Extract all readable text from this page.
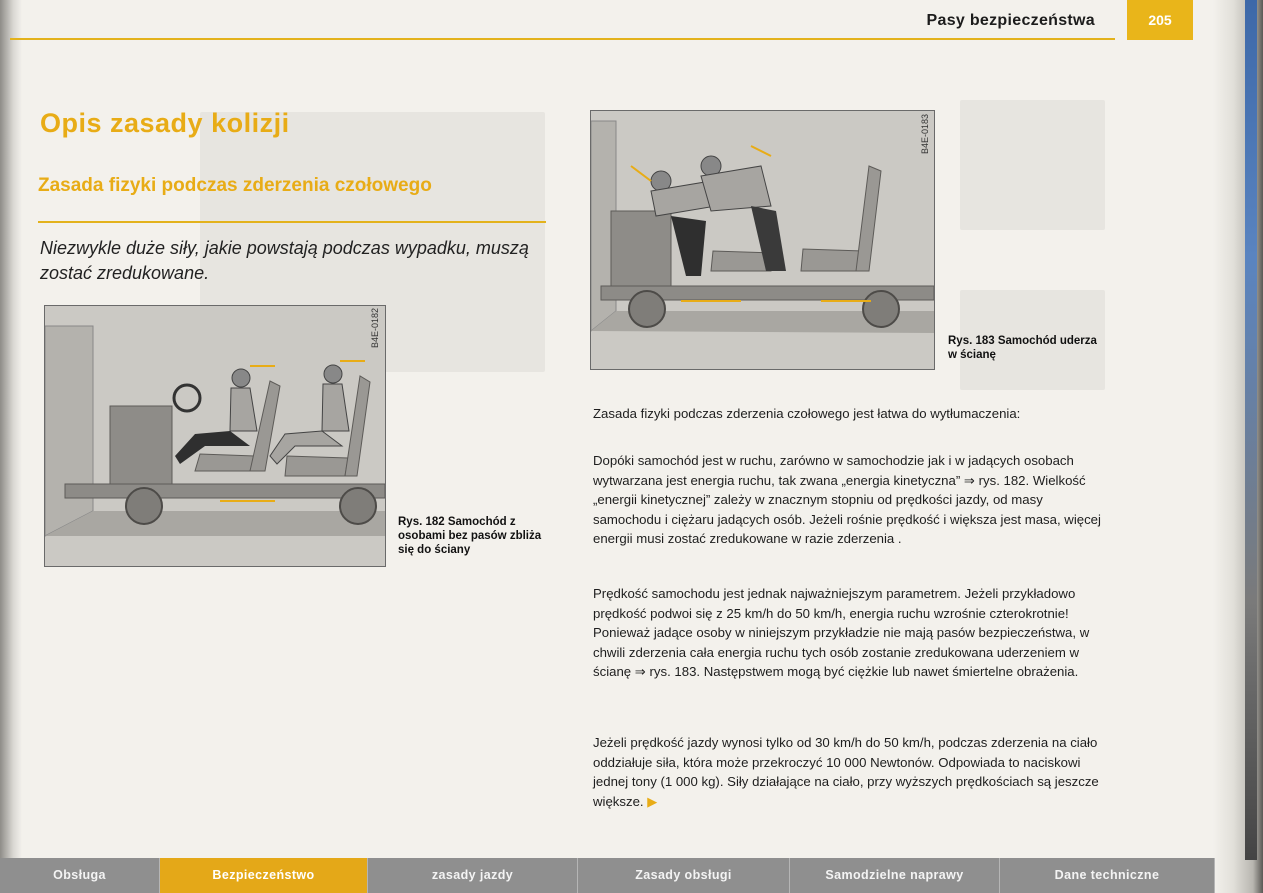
Pasy bezpieczeństwa	205
Opis zasady kolizji
Zasada fizyki podczas zderzenia czołowego
Niezwykle duże siły, jakie powstają podczas wypadku, muszą zostać zredukowane.
B4E-0182
Rys. 182 Samochód z osobami bez pasów zbliża się do ściany
B4E-0183
Rys. 183 Samochód uderza w ścianę
Zasada fizyki podczas zderzenia czołowego jest łatwa do wytłumaczenia:
Dopóki samochód jest w ruchu, zarówno w samochodzie jak i w jadących osobach wytwarzana jest energia ruchu, tak zwana „energia kinetyczna” ⇒ rys. 182. Wielkość „energii kinetycznej” zależy w znacznym stopniu od prędkości jazdy, od masy samochodu i ciężaru jadących osób. Jeżeli rośnie prędkość i większa jest masa, więcej energii musi zostać zredukowane w razie zderzenia .
Prędkość samochodu jest jednak najważniejszym parametrem. Jeżeli przykładowo prędkość podwoi się z 25 km/h do 50 km/h, energia ruchu wzrośnie czterokrotnie! Ponieważ jadące osoby w niniejszym przykładzie nie mają pasów bezpieczeństwa, w chwili zderzenia cała energia ruchu tych osób zostanie zredukowana uderzeniem w ścianę ⇒ rys. 183. Następstwem mogą być ciężkie lub nawet śmiertelne obrażenia.
Jeżeli prędkość jazdy wynosi tylko od 30 km/h do 50 km/h, podczas zderzenia na ciało oddziałuje siła, która może przekroczyć 10 000 Newtonów. Odpowiada to naciskowi jednej tony (1 000 kg). Siły działające na ciało, przy wyższych prędkościach są jeszcze większe. ▶
Obsługa	Bezpieczeństwo	zasady jazdy	Zasady obsługi	Samodzielne naprawy	Dane techniczne
